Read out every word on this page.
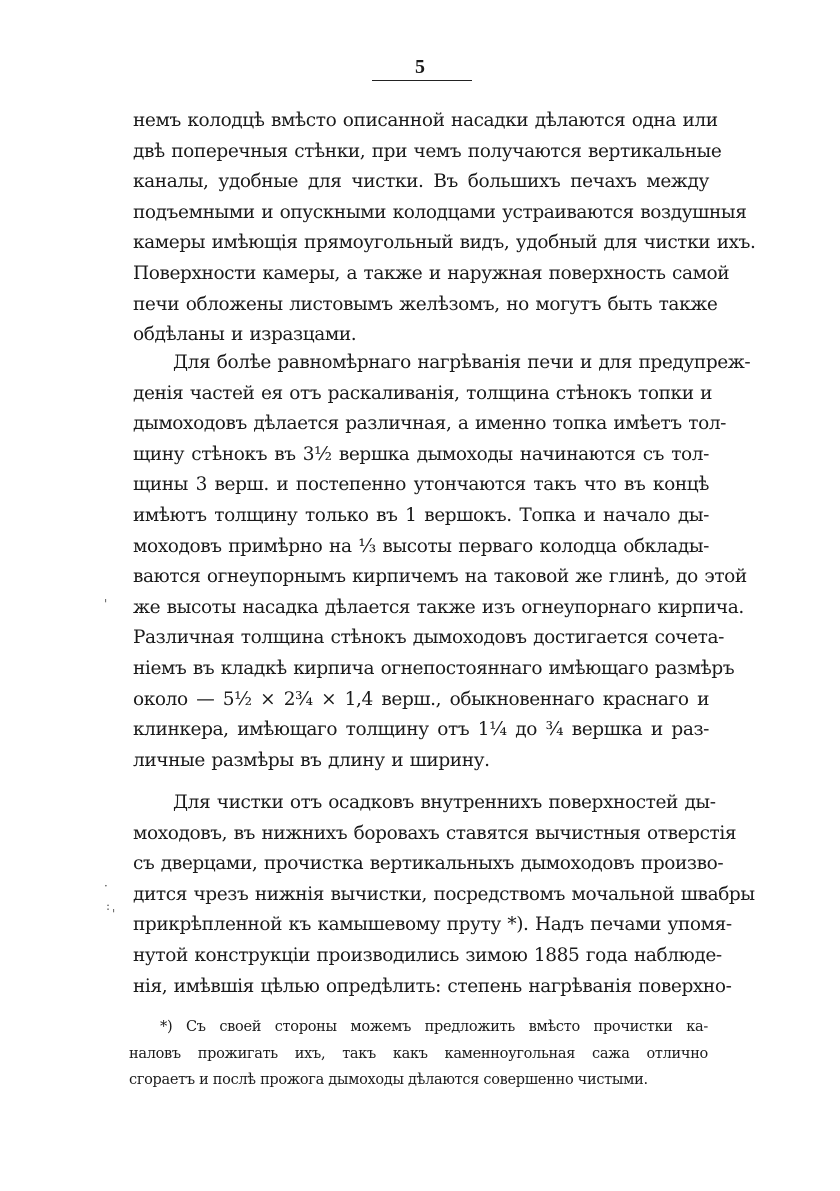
5
немъ колодцѣ вмѣсто описанной насадки дѣлаются одна или
двѣ поперечныя стѣнки, при чемъ получаются вертикальные
каналы, удобные для чистки. Въ большихъ печахъ между
подъемными и опускными колодцами устраиваются воздушныя
камеры имѣющія прямоугольный видъ, удобный для чистки ихъ.
Поверхности камеры, а также и наружная поверхность самой
печи обложены листовымъ желѣзомъ, но могутъ быть также
обдѣланы и изразцами.
Для болѣе равномѣрнаго нагрѣванія печи и для предупреж-
денія частей ея отъ раскаливанія, толщина стѣнокъ топки и
дымоходовъ дѣлается различная, а именно топка имѣетъ тол-
щину стѣнокъ въ 3½ вершка дымоходы начинаются съ тол-
щины 3 верш. и постепенно утончаются такъ что въ концѣ
имѣютъ толщину только въ 1 вершокъ. Топка и начало ды-
моходовъ примѣрно на ⅓ высоты перваго колодца обклады-
ваются огнеупорнымъ кирпичемъ на таковой же глинѣ, до этой
же высоты насадка дѣлается также изъ огнеупорнаго кирпича.
Различная толщина стѣнокъ дымоходовъ достигается сочета-
ніемъ въ кладкѣ кирпича огнепостояннаго имѣющаго размѣръ
около — 5½ × 2¾ × 1,4 верш., обыкновеннаго краснаго и
клинкера, имѣющаго толщину отъ 1¼ до ¾ вершка и раз-
личные размѣры въ длину и ширину.
Для чистки отъ осадковъ внутреннихъ поверхностей ды-
моходовъ, въ нижнихъ боровахъ ставятся вычистныя отверстія
съ дверцами, прочистка вертикальныхъ дымоходовъ произво-
дится чрезъ нижнія вычистки, посредствомъ мочальной швабры
прикрѣпленной къ камышевому пруту *). Надъ печами упомя-
нутой конструкціи производились зимою 1885 года наблюде-
нія, имѣвшія цѣлью опредѣлить: степень нагрѣванія поверхно-
*) Съ своей стороны можемъ предложить вмѣсто прочистки ка-
наловъ прожигать ихъ, такъ какъ каменноугольная сажа отлично
сгораетъ и послѣ прожога дымоходы дѣлаются совершенно чистыми.
'
·
:
'
